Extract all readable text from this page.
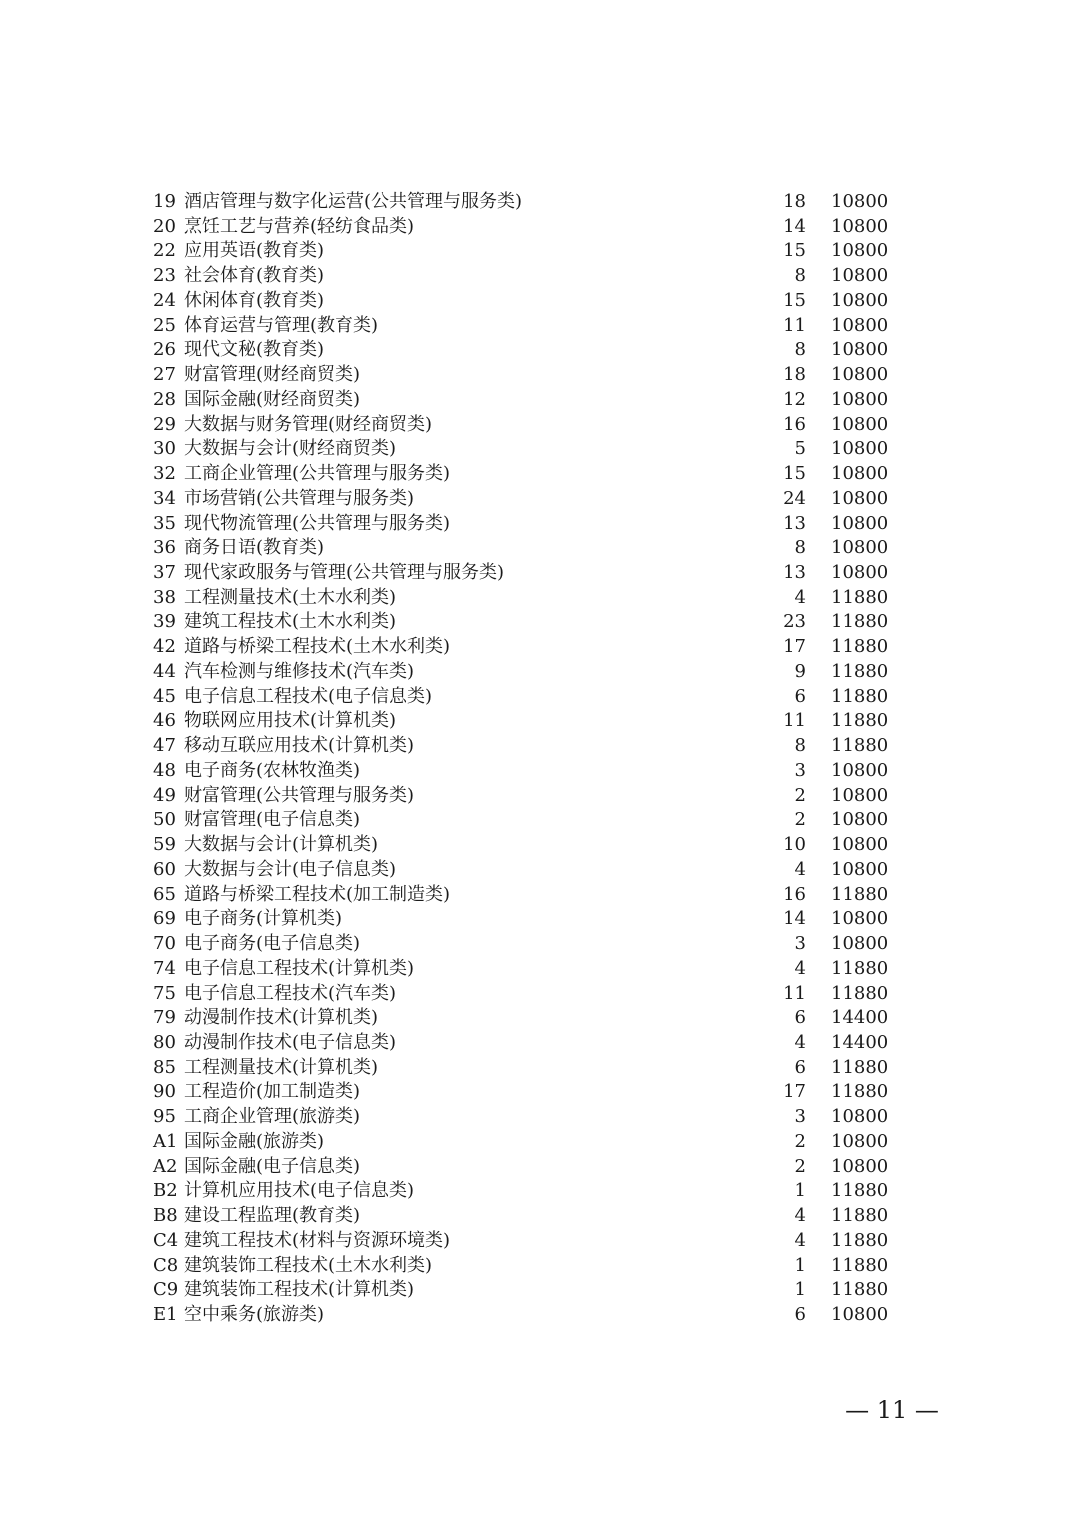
19 酒店管理与数字化运营(公共管理与服务类)	18 10800
20 烹饪工艺与营养(轻纺食品类)	14 10800
22 应用英语(教育类)	15 10800
23 社会体育(教育类)	8 10800
24 休闲体育(教育类)	15 10800
25 体育运营与管理(教育类)	11 10800
26 现代文秘(教育类)	8 10800
27 财富管理(财经商贸类)	18 10800
28 国际金融(财经商贸类)	12 10800
29 大数据与财务管理(财经商贸类)	16 10800
30 大数据与会计(财经商贸类)	5 10800
32 工商企业管理(公共管理与服务类)	15 10800
34 市场营销(公共管理与服务类)	24 10800
35 现代物流管理(公共管理与服务类)	13 10800
36 商务日语(教育类)	8 10800
37 现代家政服务与管理(公共管理与服务类)	13 10800
38 工程测量技术(土木水利类)	4 11880
39 建筑工程技术(土木水利类)	23 11880
42 道路与桥梁工程技术(土木水利类)	17 11880
44 汽车检测与维修技术(汽车类)	9 11880
45 电子信息工程技术(电子信息类)	6 11880
46 物联网应用技术(计算机类)	11 11880
47 移动互联应用技术(计算机类)	8 11880
48 电子商务(农林牧渔类)	3 10800
49 财富管理(公共管理与服务类)	2 10800
50 财富管理(电子信息类)	2 10800
59 大数据与会计(计算机类)	10 10800
60 大数据与会计(电子信息类)	4 10800
65 道路与桥梁工程技术(加工制造类)	16 11880
69 电子商务(计算机类)	14 10800
70 电子商务(电子信息类)	3 10800
74 电子信息工程技术(计算机类)	4 11880
75 电子信息工程技术(汽车类)	11 11880
79 动漫制作技术(计算机类)	6 14400
80 动漫制作技术(电子信息类)	4 14400
85 工程测量技术(计算机类)	6 11880
90 工程造价(加工制造类)	17 11880
95 工商企业管理(旅游类)	3 10800
A1 国际金融(旅游类)	2 10800
A2 国际金融(电子信息类)	2 10800
B2 计算机应用技术(电子信息类)	1 11880
B8 建设工程监理(教育类)	4 11880
C4 建筑工程技术(材料与资源环境类)	4 11880
C8 建筑装饰工程技术(土木水利类)	1 11880
C9 建筑装饰工程技术(计算机类)	1 11880
E1 空中乘务(旅游类)	6 10800
— 11 —
